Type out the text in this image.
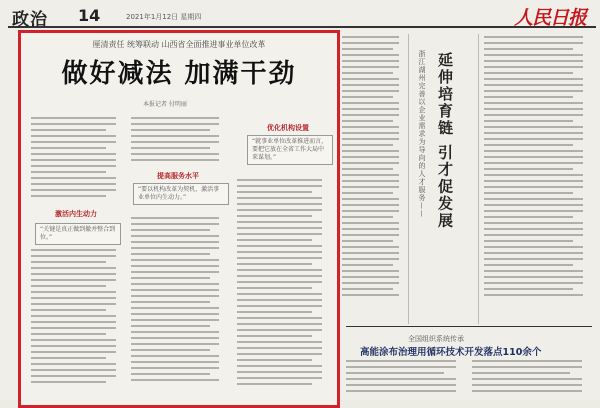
政治 14	2021年1月12日 星期四	人民日报
厘清责任 统筹联动 山西省全面推进事业单位改革
做好减法 加满干劲
本报记者 付明丽
激活内生动力
“关键是真正做到撤并整合到位。”
提高服务水平
“要以机构改革为契机，激活事业单位内生动力。”
优化机构设置
“就事业单位改革推进而言，要把它放在全省工作大局中来谋划。”	浙江湖州完善以企业需求为导向的人才服务—— 延伸培育链 引才促发展
全国组织系统传承
高能涂布治理用循环技术开发落点110余个
